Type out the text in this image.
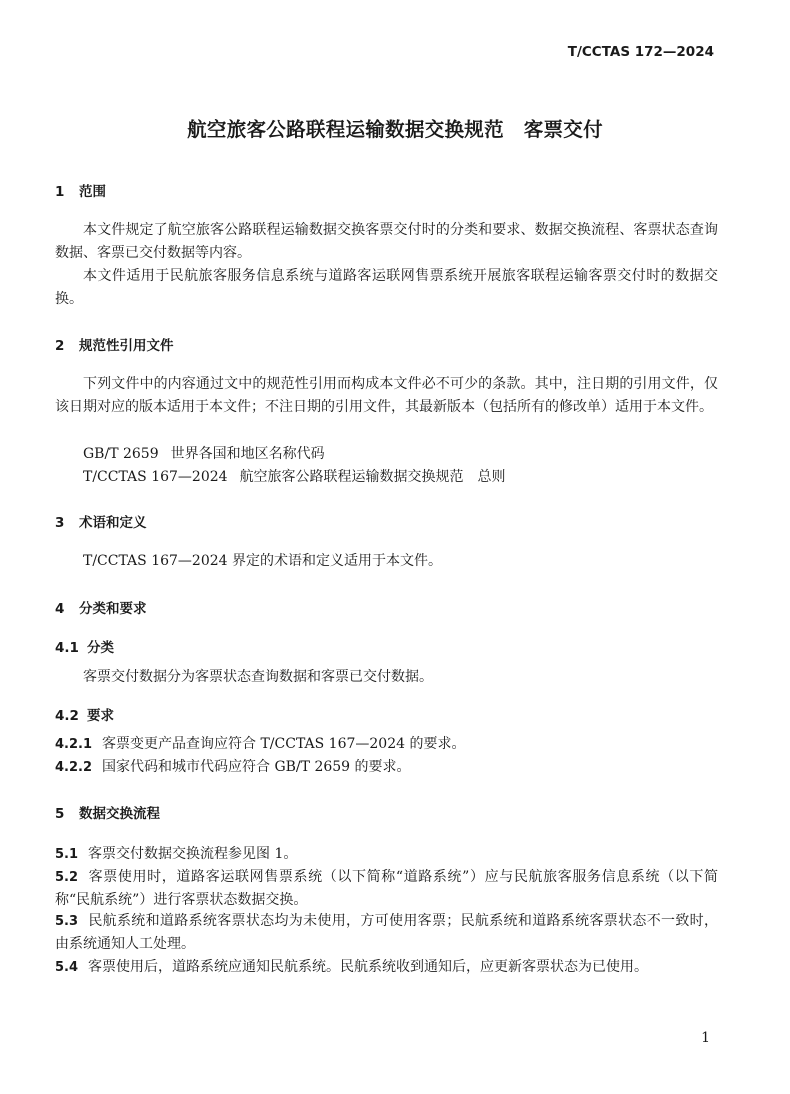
T/CCTAS 172—2024
航空旅客公路联程运输数据交换规范　客票交付
1 范围
本文件规定了航空旅客公路联程运输数据交换客票交付时的分类和要求、数据交换流程、客票状态查询数据、客票已交付数据等内容。
本文件适用于民航旅客服务信息系统与道路客运联网售票系统开展旅客联程运输客票交付时的数据交换。
2 规范性引用文件
下列文件中的内容通过文中的规范性引用而构成本文件必不可少的条款。其中，注日期的引用文件，仅该日期对应的版本适用于本文件；不注日期的引用文件，其最新版本（包括所有的修改单）适用于本文件。
GB/T 2659 世界各国和地区名称代码
T/CCTAS 167—2024 航空旅客公路联程运输数据交换规范　总则
3 术语和定义
T/CCTAS 167—2024 界定的术语和定义适用于本文件。
4 分类和要求
4.1 分类
客票交付数据分为客票状态查询数据和客票已交付数据。
4.2 要求
4.2.1 客票变更产品查询应符合 T/CCTAS 167—2024 的要求。
4.2.2 国家代码和城市代码应符合 GB/T 2659 的要求。
5 数据交换流程
5.1 客票交付数据交换流程参见图 1。
5.2 客票使用时，道路客运联网售票系统（以下简称“道路系统”）应与民航旅客服务信息系统（以下简称“民航系统”）进行客票状态数据交换。
5.3 民航系统和道路系统客票状态均为未使用，方可使用客票；民航系统和道路系统客票状态不一致时，由系统通知人工处理。
5.4 客票使用后，道路系统应通知民航系统。民航系统收到通知后，应更新客票状态为已使用。
1
